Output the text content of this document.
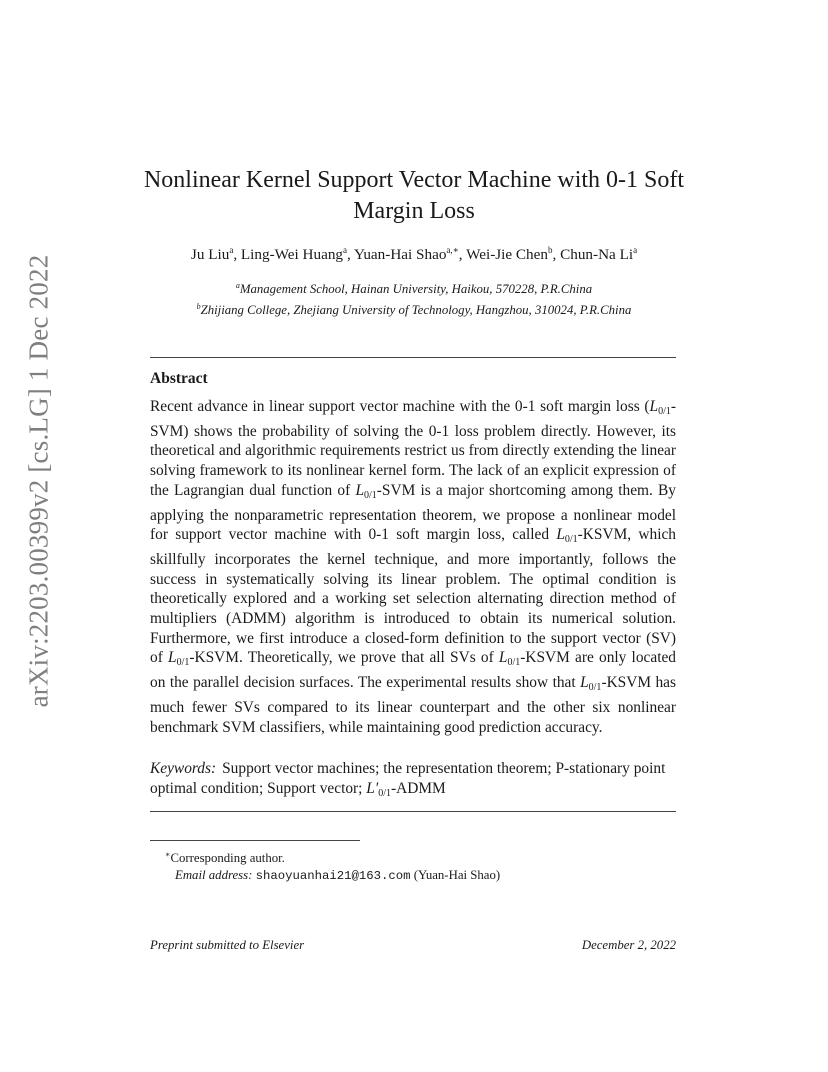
arXiv:2203.00399v2 [cs.LG] 1 Dec 2022
Nonlinear Kernel Support Vector Machine with 0-1 Soft Margin Loss
Ju Liu$^a$, Ling-Wei Huang$^a$, Yuan-Hai Shao$^{a,∗}$, Wei-Jie Chen$^b$, Chun-Na Li$^a$
$^a$Management School, Hainan University, Haikou, 570228, P.R.China
$^b$Zhijiang College, Zhejiang University of Technology, Hangzhou, 310024, P.R.China
Abstract

Recent advance in linear support vector machine with the 0-1 soft margin loss $(L_{0/1}-SVM)$ shows the probability of solving the 0-1 loss problem directly. However, its theoretical and algorithmic requirements restrict us from directly extending the linear solving framework to its nonlinear kernel form. The lack of an explicit expression of the Lagrangian dual function of $L_{0/1}$-SVM is a major shortcoming among them. By applying the nonparametric representation theorem, we propose a nonlinear model for support vector machine with 0-1 soft margin loss, called $L_{0/1}$-KSVM, which skillfully incorporates the kernel technique, and more importantly, follows the success in systematically solving its linear problem. The optimal condition is theoretically explored and a working set selection alternating direction method of multipliers (ADMM) algorithm is introduced to obtain its numerical solution. Furthermore, we first introduce a closed-form definition to the support vector (SV) of $L_{0/1}$-KSVM. Theoretically, we prove that all SVs of $L_{0/1}$-KSVM are only located on the parallel decision surfaces. The experimental results show that $L_{0/1}$-KSVM has much fewer SVs compared to its linear counterpart and the other six nonlinear benchmark SVM classifiers, while maintaining good prediction accuracy.

Keywords: Support vector machines; the representation theorem; P-stationary point optimal condition; Support vector; $L'_{0/1}$-ADMM
∗Corresponding author.
Email address: shaoyuanhai21@163.com (Yuan-Hai Shao)
Preprint submitted to Elsevier	December 2, 2022
